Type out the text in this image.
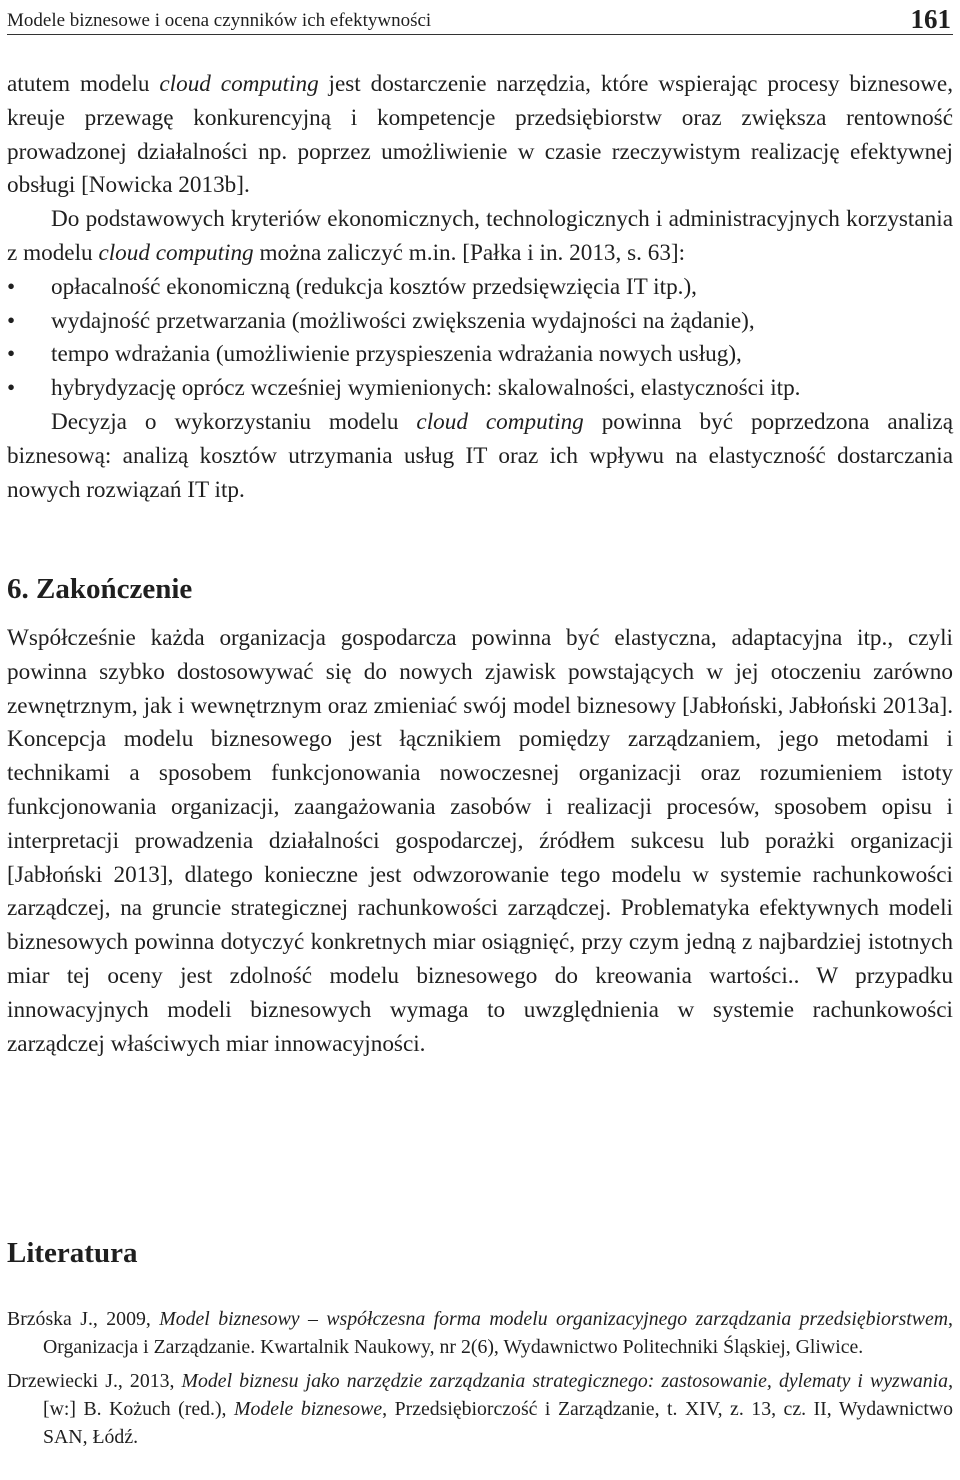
Modele biznesowe i ocena czynników ich efektywności	161

atutem modelu cloud computing jest dostarczenie narzędzia, które wspierając procesy biznesowe, kreuje przewagę konkurencyjną i kompetencje przedsiębiorstw oraz zwiększa rentowność prowadzonej działalności np. poprzez umożliwienie w czasie rzeczywistym realizację efektywnej obsługi [Nowicka 2013b].

Do podstawowych kryteriów ekonomicznych, technologicznych i administracyjnych korzystania z modelu cloud computing można zaliczyć m.in. [Pałka i in. 2013, s. 63]:

• opłacalność ekonomiczną (redukcja kosztów przedsięwzięcia IT itp.),
• wydajność przetwarzania (możliwości zwiększenia wydajności na żądanie),
• tempo wdrażania (umożliwienie przyspieszenia wdrażania nowych usług),
• hybrydyzację oprócz wcześniej wymienionych: skalowalności, elastyczności itp.

Decyzja o wykorzystaniu modelu cloud computing powinna być poprzedzona analizą biznesową: analizą kosztów utrzymania usług IT oraz ich wpływu na elastyczność dostarczania nowych rozwiązań IT itp.

6. Zakończenie

Współcześnie każda organizacja gospodarcza powinna być elastyczna, adaptacyjna itp., czyli powinna szybko dostosowywać się do nowych zjawisk powstających w jej otoczeniu zarówno zewnętrznym, jak i wewnętrznym oraz zmieniać swój model biznesowy [Jabłoński, Jabłoński 2013a]. Koncepcja modelu biznesowego jest łącznikiem pomiędzy zarządzaniem, jego metodami i technikami a sposobem funkcjonowania nowoczesnej organizacji oraz rozumieniem istoty funkcjonowania organizacji, zaangażowania zasobów i realizacji procesów, sposobem opisu i interpretacji prowadzenia działalności gospodarczej, źródłem sukcesu lub porażki organizacji [Jabłoński 2013], dlatego konieczne jest odwzorowanie tego modelu w systemie rachunkowości zarządczej, na gruncie strategicznej rachunkowości zarządczej. Problematyka efektywnych modeli biznesowych powinna dotyczyć konkretnych miar osiągnięć, przy czym jedną z najbardziej istotnych miar tej oceny jest zdolność modelu biznesowego do kreowania wartości.. W przypadku innowacyjnych modeli biznesowych wymaga to uwzględnienia w systemie rachunkowości zarządczej właściwych miar innowacyjności.

Literatura

Brzóska J., 2009, Model biznesowy – współczesna forma modelu organizacyjnego zarządzania przedsiębiorstwem, Organizacja i Zarządzanie. Kwartalnik Naukowy, nr 2(6), Wydawnictwo Politechniki Śląskiej, Gliwice.

Drzewiecki J., 2013, Model biznesu jako narzędzie zarządzania strategicznego: zastosowanie, dylematy i wyzwania, [w:] B. Kożuch (red.), Modele biznesowe, Przedsiębiorczość i Zarządzanie, t. XIV, z. 13, cz. II, Wydawnictwo SAN, Łódź.
